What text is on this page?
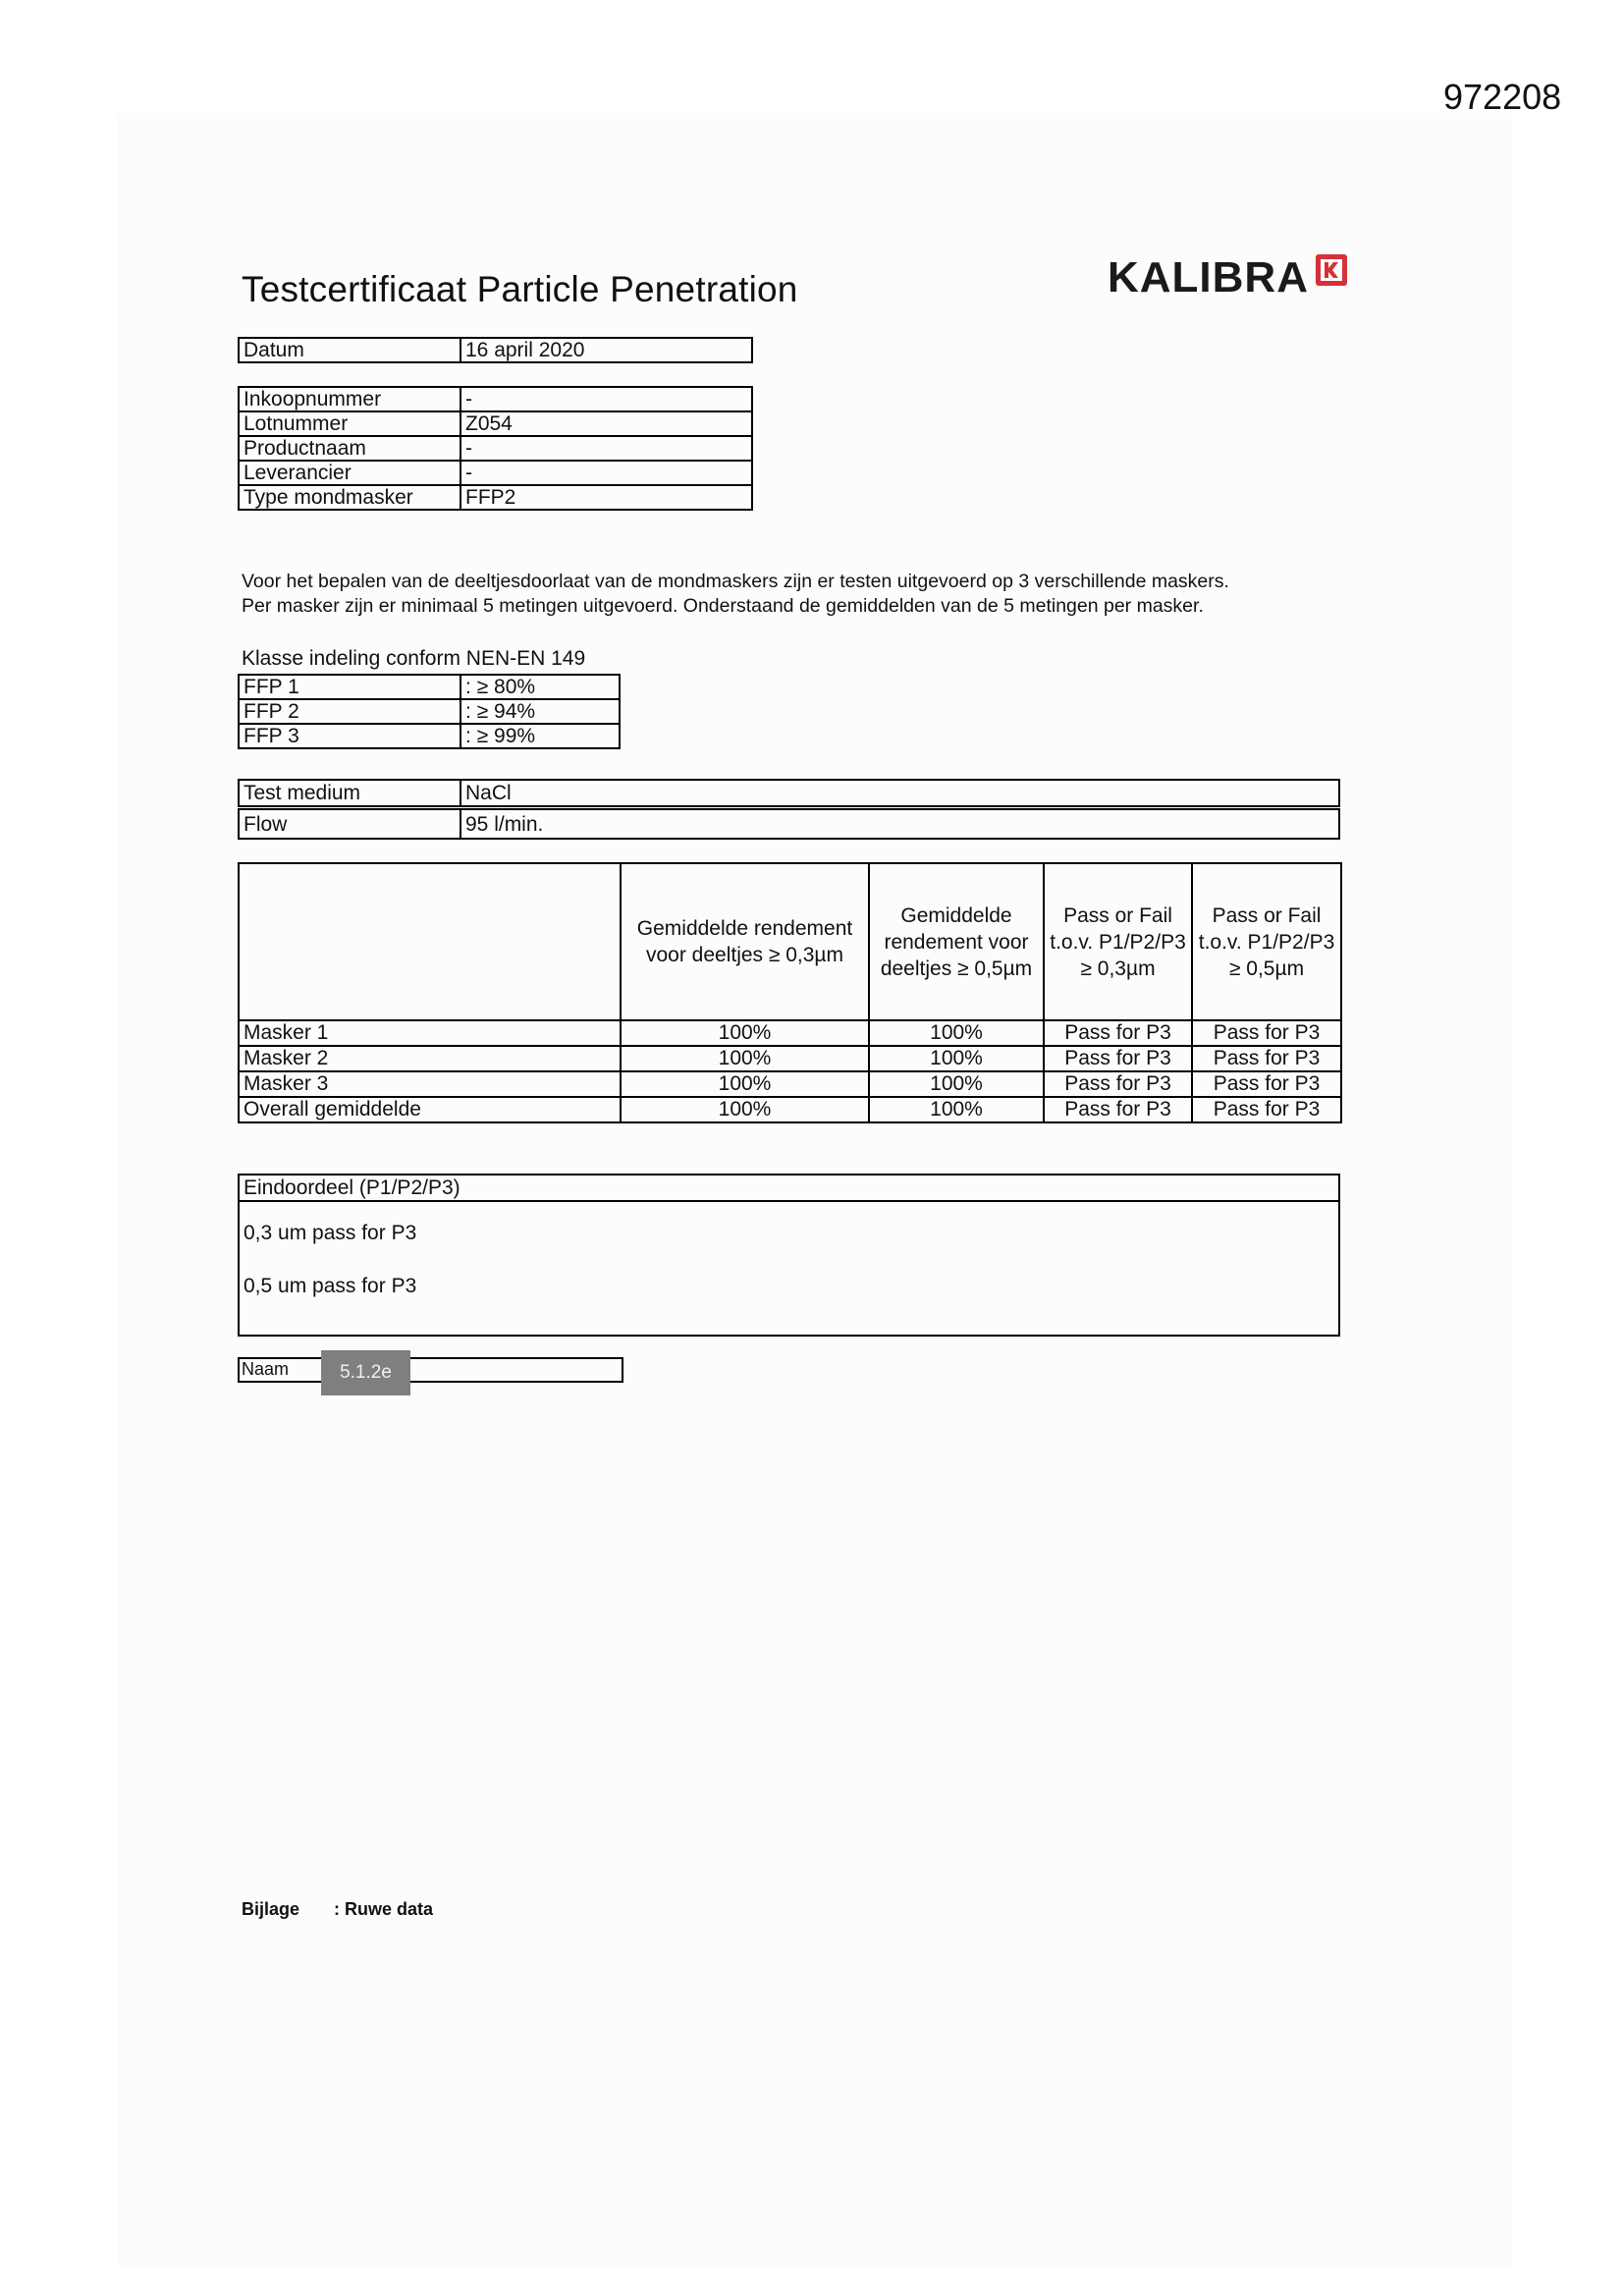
972208
Testcertificaat Particle Penetration	KALIBRA
Datum	16 april 2020
Inkoopnummer	-
Lotnummer	Z054
Productnaam	-
Leverancier	-
Type mondmasker	FFP2
Voor het bepalen van de deeltjesdoorlaat van de mondmaskers zijn er testen uitgevoerd op 3 verschillende maskers.
Per masker zijn er minimaal 5 metingen uitgevoerd. Onderstaand de gemiddelden van de 5 metingen per masker.
Klasse indeling conform NEN-EN 149
FFP 1	: ≥ 80%
FFP 2	: ≥ 94%
FFP 3	: ≥ 99%
Test medium	NaCl
Flow	95 l/min.
	Gemiddelde rendement voor deeltjes ≥ 0,3µm	Gemiddelde rendement voor deeltjes ≥ 0,5µm	Pass or Fail t.o.v. P1/P2/P3 ≥ 0,3µm	Pass or Fail t.o.v. P1/P2/P3 ≥ 0,5µm
Masker 1	100%	100%	Pass for P3	Pass for P3
Masker 2	100%	100%	Pass for P3	Pass for P3
Masker 3	100%	100%	Pass for P3	Pass for P3
Overall gemiddelde	100%	100%	Pass for P3	Pass for P3
Eindoordeel (P1/P2/P3)
0,3 um pass for P3
0,5 um pass for P3
Naam	5.1.2e
Bijlage : Ruwe data
